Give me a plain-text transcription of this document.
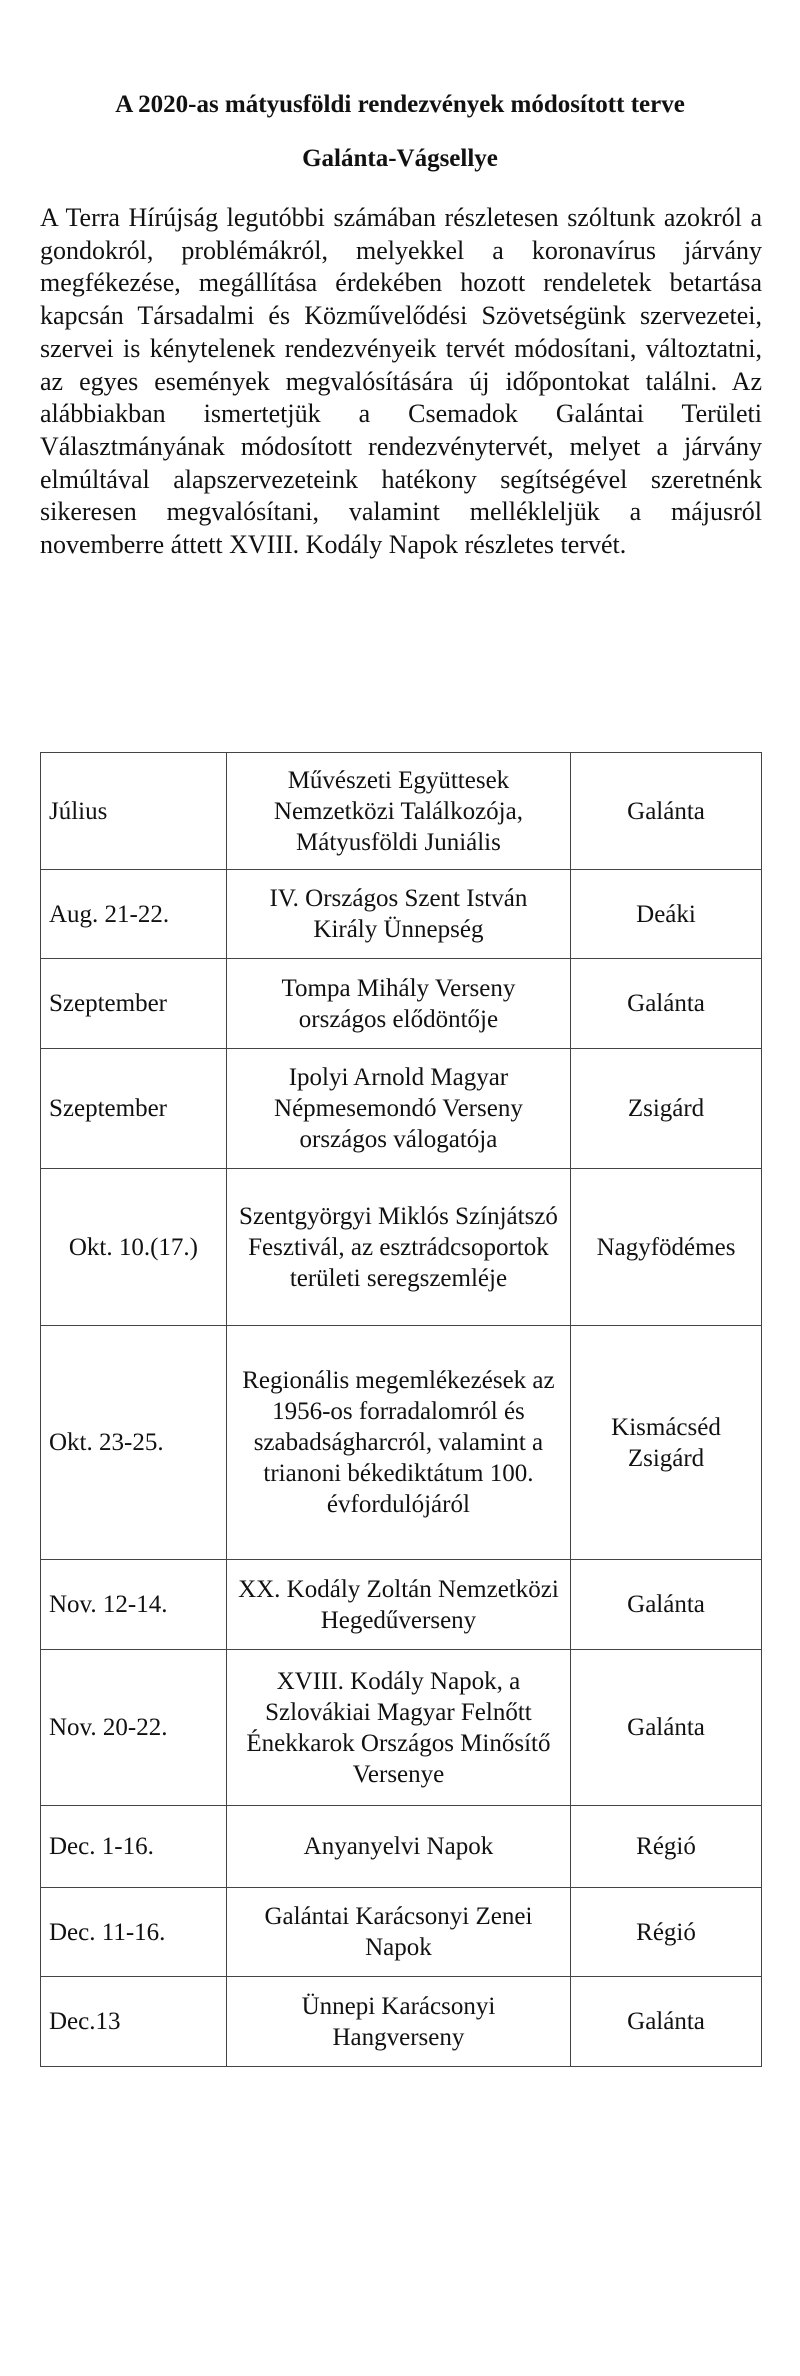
A 2020-as mátyusföldi rendezvények módosított terve
Galánta-Vágsellye

A Terra Hírújság legutóbbi számában részletesen szóltunk azokról a gondokról, problémákról, melyekkel a koronavírus járvány megfékezése, megállítása érdekében hozott rendeletek betartása kapcsán Társadalmi és Közművelődési Szövetségünk szervezetei, szervei is kénytelenek rendezvényeik tervét módosítani, változtatni, az egyes események megvalósítására új időpontokat találni. Az alábbiakban ismertetjük a Csemadok Galántai Területi Választmányának módosított rendezvénytervét, melyet a járvány elmúltával alapszervezeteink hatékony segítségével szeretnénk sikeresen megvalósítani, valamint mellékleljük a májusról novemberre áttett XVIII. Kodály Napok részletes tervét.

Július	Művészeti Együttesek Nemzetközi Találkozója, Mátyusföldi Juniális	Galánta
Aug. 21-22.	IV. Országos Szent István Király Ünnepség	Deáki
Szeptember	Tompa Mihály Verseny országos elődöntője	Galánta
Szeptember	Ipolyi Arnold Magyar Népmesemondó Verseny országos válogatója	Zsigárd
Okt. 10.(17.)	Szentgyörgyi Miklós Színjátszó Fesztivál, az esztrádcsoportok területi seregszemléje	Nagyfödémes
Okt. 23-25.	Regionális megemlékezések az 1956-os forradalomról és szabadságharcról, valamint a trianoni békediktátum 100. évfordulójáról	Kismácséd Zsigárd
Nov. 12-14.	XX. Kodály Zoltán Nemzetközi Hegedűverseny	Galánta
Nov. 20-22.	XVIII. Kodály Napok, a Szlovákiai Magyar Felnőtt Énekkarok Országos Minősítő Versenye	Galánta
Dec. 1-16.	Anyanyelvi Napok	Régió
Dec. 11-16.	Galántai Karácsonyi Zenei Napok	Régió
Dec.13	Ünnepi Karácsonyi Hangverseny	Galánta
